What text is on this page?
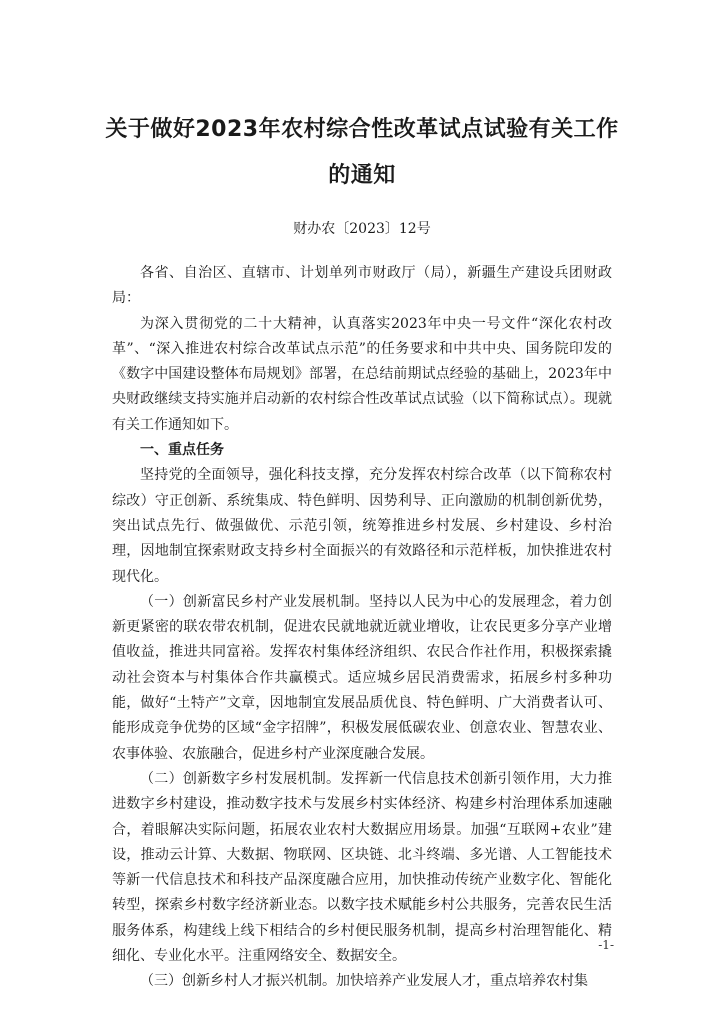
关于做好2023年农村综合性改革试点试验有关工作
的通知
财办农〔2023〕12号

各省、自治区、直辖市、计划单列市财政厅（局），新疆生产建设兵团财政局：

为深入贯彻党的二十大精神，认真落实2023年中央一号文件“深化农村改革”、“深入推进农村综合改革试点示范”的任务要求和中共中央、国务院印发的《数字中国建设整体布局规划》部署，在总结前期试点经验的基础上，2023年中央财政继续支持实施并启动新的农村综合性改革试点试验（以下简称试点）。现就有关工作通知如下。

一、重点任务

坚持党的全面领导，强化科技支撑，充分发挥农村综合改革（以下简称农村综改）守正创新、系统集成、特色鲜明、因势利导、正向激励的机制创新优势，突出试点先行、做强做优、示范引领，统筹推进乡村发展、乡村建设、乡村治理，因地制宜探索财政支持乡村全面振兴的有效路径和示范样板，加快推进农村现代化。

（一）创新富民乡村产业发展机制。坚持以人民为中心的发展理念，着力创新更紧密的联农带农机制，促进农民就地就近就业增收，让农民更多分享产业增值收益，推进共同富裕。发挥农村集体经济组织、农民合作社作用，积极探索撬动社会资本与村集体合作共赢模式。适应城乡居民消费需求，拓展乡村多种功能，做好“土特产”文章，因地制宜发展品质优良、特色鲜明、广大消费者认可、能形成竞争优势的区域“金字招牌”，积极发展低碳农业、创意农业、智慧农业、农事体验、农旅融合，促进乡村产业深度融合发展。

（二）创新数字乡村发展机制。发挥新一代信息技术创新引领作用，大力推进数字乡村建设，推动数字技术与发展乡村实体经济、构建乡村治理体系加速融合，着眼解决实际问题，拓展农业农村大数据应用场景。加强“互联网+农业”建设，推动云计算、大数据、物联网、区块链、北斗终端、多光谱、人工智能技术等新一代信息技术和科技产品深度融合应用，加快推动传统产业数字化、智能化转型，探索乡村数字经济新业态。以数字技术赋能乡村公共服务，完善农民生活服务体系，构建线上线下相结合的乡村便民服务机制，提高乡村治理智能化、精细化、专业化水平。注重网络安全、数据安全。

（三）创新乡村人才振兴机制。加快培养产业发展人才，重点培养农村集

-1-
